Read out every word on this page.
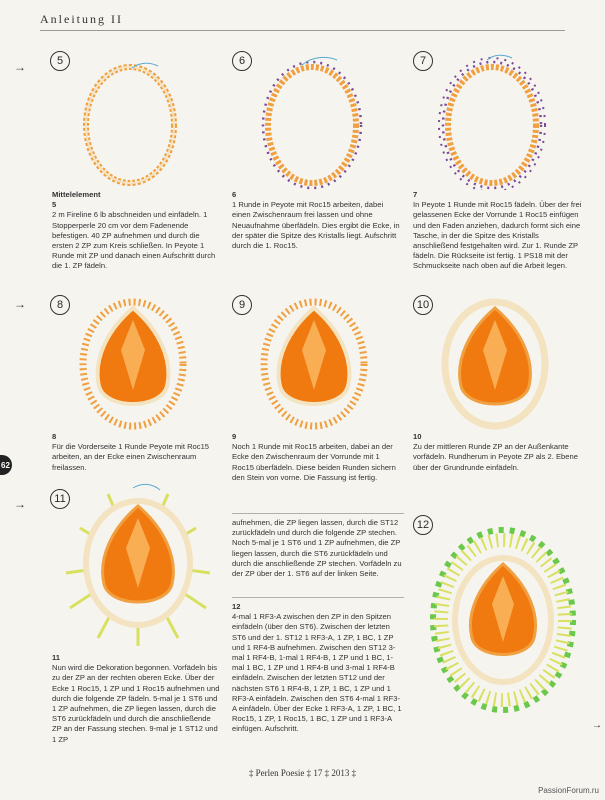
Anleitung II
→
→
→
62
5	6	7
8	9	10
11
12
Mittelelement
5
2 m Fireline 6 lb abschneiden und einfädeln. 1 Stopperperle 20 cm vor dem Fadenende befestigen. 40 ZP aufnehmen und durch die ersten 2 ZP zum Kreis schließen. In Peyote 1 Runde mit ZP und danach einen Aufschritt durch die 1. ZP fädeln.
6
1 Runde in Peyote mit Roc15 arbeiten, dabei einen Zwischenraum frei lassen und ohne Neuaufnahme überfädeln. Dies ergibt die Ecke, in der später die Spitze des Kristalls liegt. Aufschritt durch die 1. Roc15.
7
In Peyote 1 Runde mit Roc15 fädeln. Über der frei gelassenen Ecke der Vorrunde 1 Roc15 einfügen und den Faden anziehen, dadurch formt sich eine Tasche, in der die Spitze des Kristalls anschließend festgehalten wird. Zur 1. Runde ZP fädeln. Die Rückseite ist fertig. 1 PS18 mit der Schmuckseite nach oben auf die Arbeit legen.
8
Für die Vorderseite 1 Runde Peyote mit Roc15 arbeiten, an der Ecke einen Zwischenraum freilassen.
9
Noch 1 Runde mit Roc15 arbeiten, dabei an der Ecke den Zwischenraum der Vorrunde mit 1 Roc15 überfädeln. Diese beiden Runden sichern den Stein von vorne. Die Fassung ist fertig.
10
Zu der mittleren Runde ZP an der Außenkante vorfädeln. Rundherum in Peyote ZP als 2. Ebene über der Grundrunde einfädeln.
11
Nun wird die Dekoration begonnen. Vorfädeln bis zu der ZP an der rechten oberen Ecke. Über der Ecke 1 Roc15, 1 ZP und 1 Roc15 aufnehmen und durch die folgende ZP fädeln. 5-mal je 1 ST6 und 1 ZP aufnehmen, die ZP liegen lassen, durch die ST6 zurückfädeln und durch die anschließende ZP an der Fassung stechen. 9-mal je 1 ST12 und 1 ZP
aufnehmen, die ZP liegen lassen, durch die ST12 zurückfädeln und durch die folgende ZP stechen. Noch 5-mal je 1 ST6 und 1 ZP aufnehmen, die ZP liegen lassen, durch die ST6 zurückfädeln und durch die anschließende ZP stechen. Vorfädeln zu der ZP über der 1. ST6 auf der linken Seite.
12
4-mal 1 RF3-A zwischen den ZP in den Spitzen einfädeln (über den ST6). Zwischen der letzten ST6 und der 1. ST12 1 RF3-A, 1 ZP, 1 BC, 1 ZP und 1 RF4-B aufnehmen. Zwischen den ST12 3-mal 1 RF4-B, 1-mal 1 RF4-B, 1 ZP und 1 BC, 1-mal 1 BC, 1 ZP und 1 RF4-B und 3-mal 1 RF4-B einfädeln. Zwischen der letzten ST12 und der nächsten ST6 1 RF4-B, 1 ZP, 1 BC, 1 ZP und 1 RF3-A einfädeln. Zwischen den ST6 4-mal 1 RF3-A einfädeln. Über der Ecke 1 RF3-A, 1 ZP, 1 BC, 1 Roc15, 1 ZP, 1 Roc15, 1 BC, 1 ZP und 1 RF3-A einfügen. Aufschritt.	→
‡ Perlen Poesie ‡ 17 ‡ 2013 ‡
PassionForum.ru
